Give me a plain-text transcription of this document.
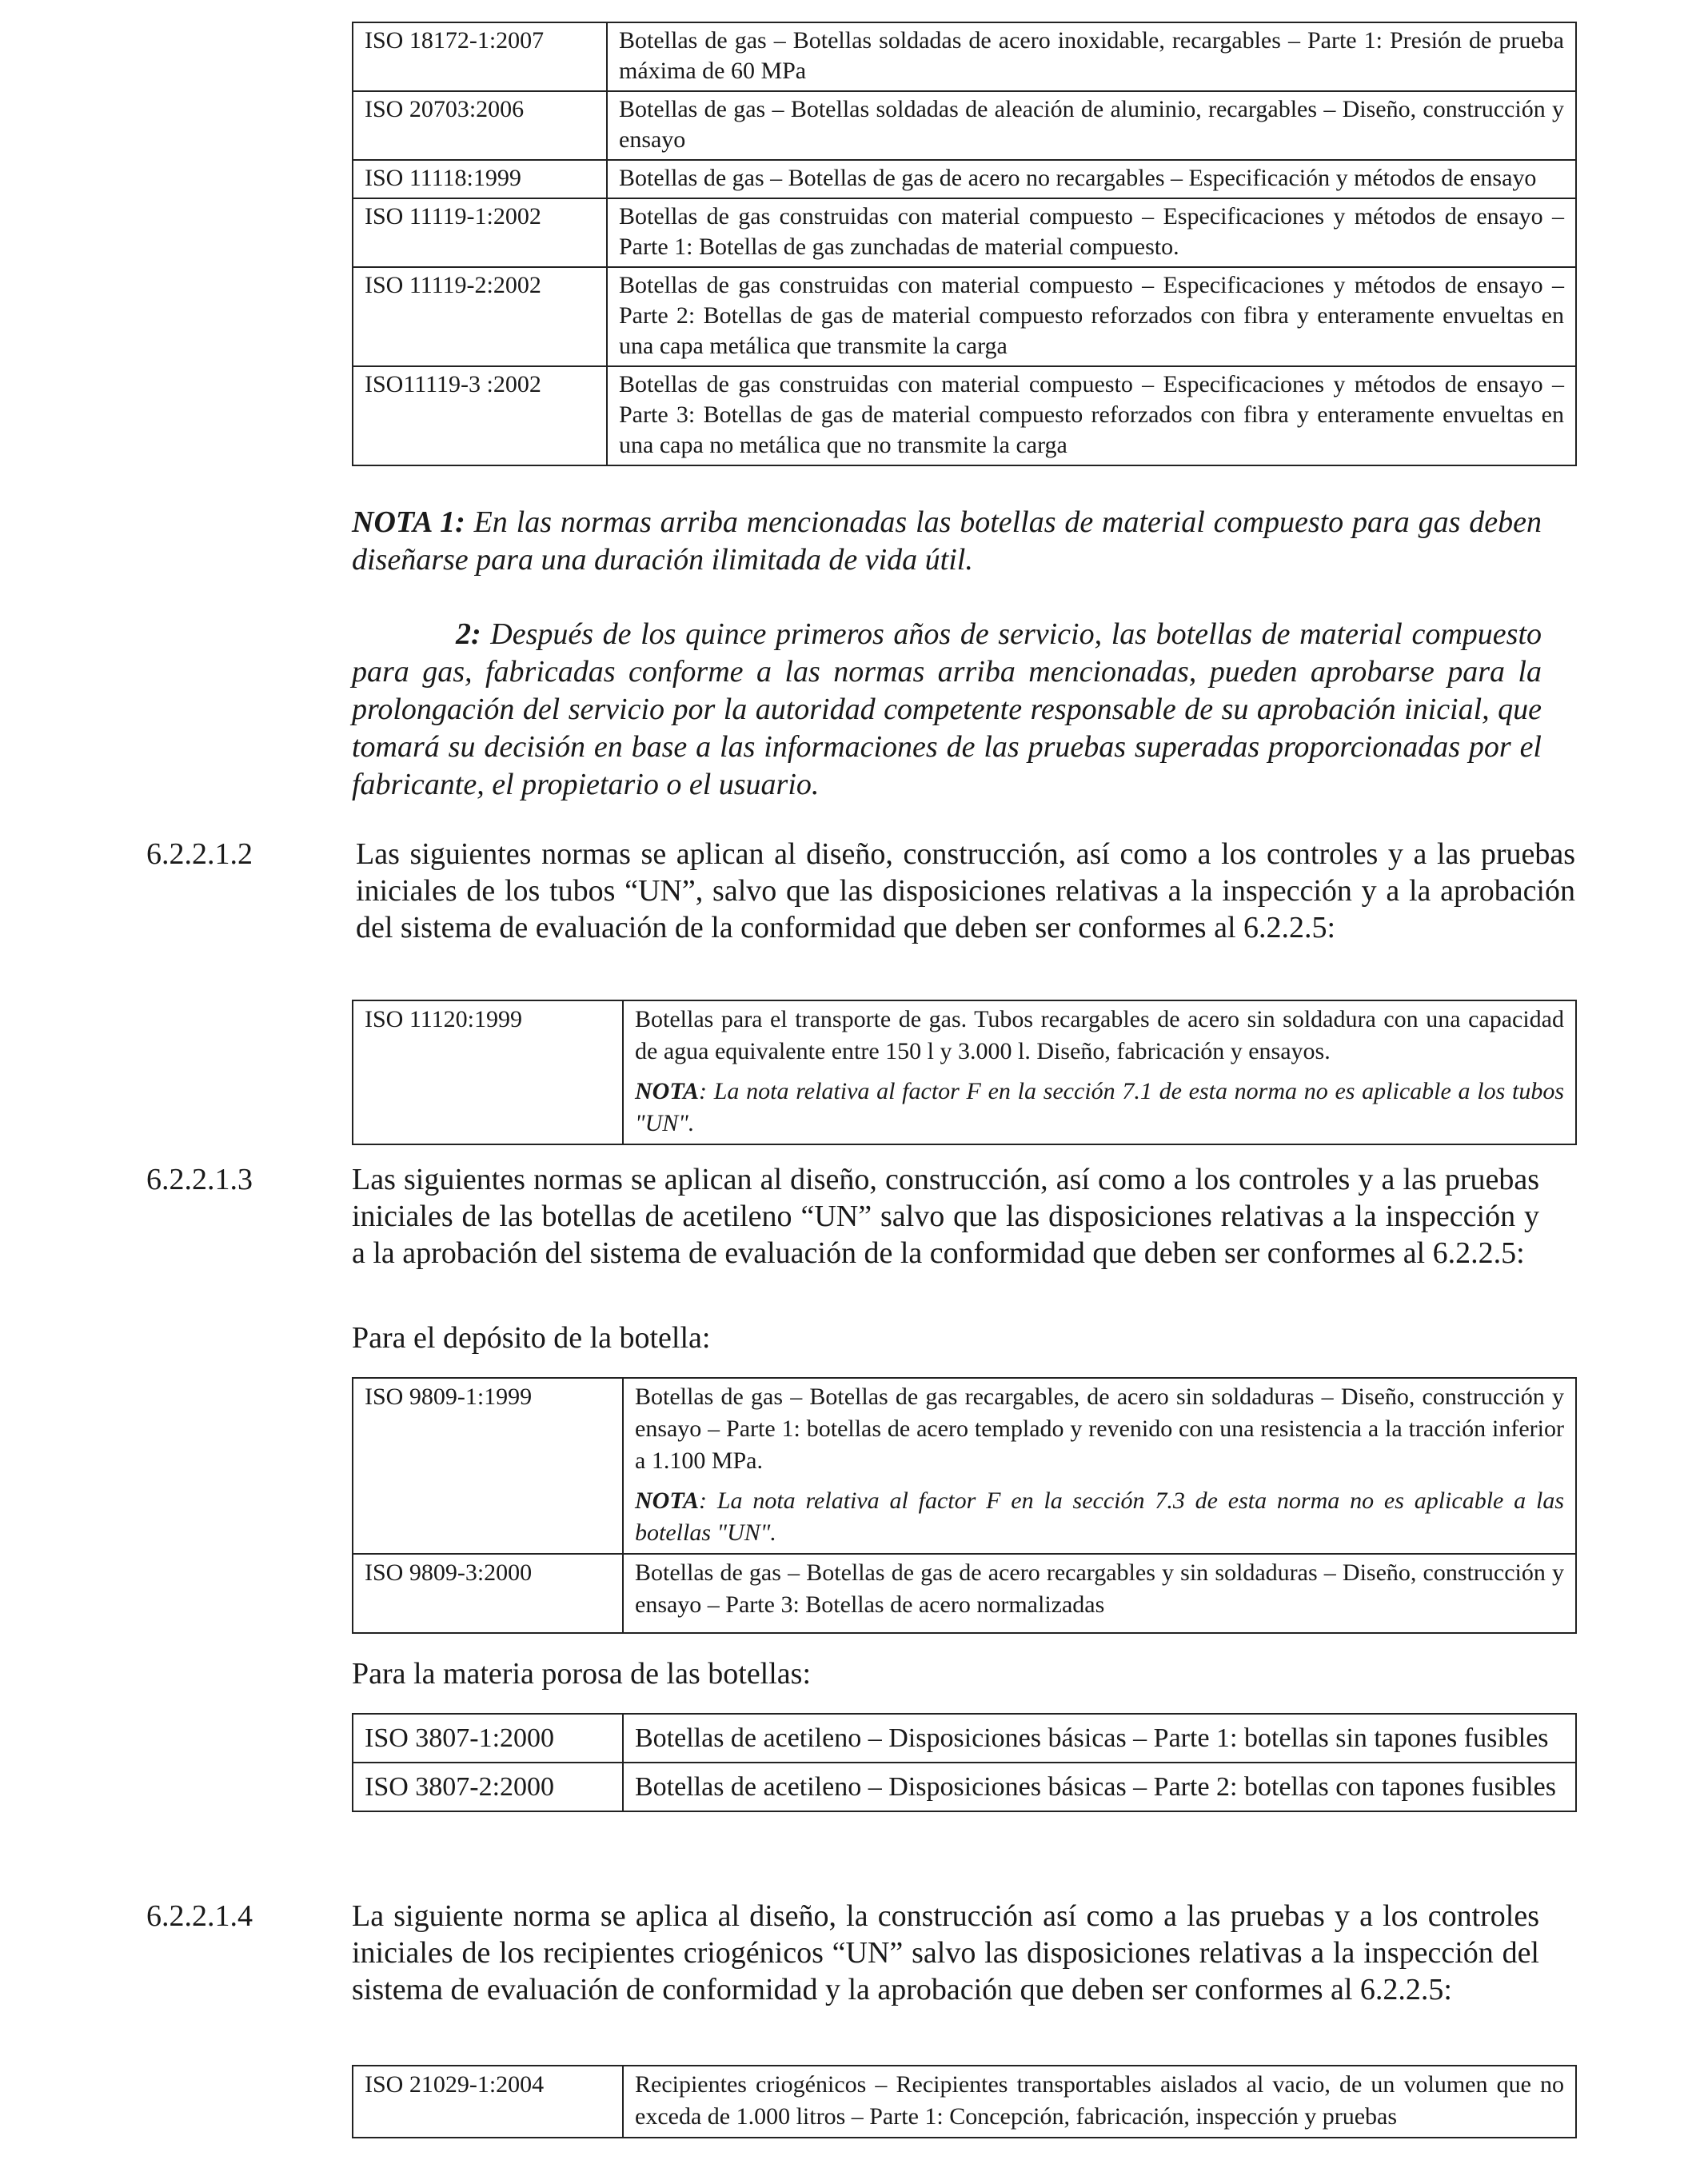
ISO 18172-1:2007	Botellas de gas – Botellas soldadas de acero inoxidable, recargables – Parte 1: Presión de prueba máxima de 60 MPa
ISO 20703:2006	Botellas de gas – Botellas soldadas de aleación de aluminio, recargables – Diseño, construcción y ensayo
ISO 11118:1999	Botellas de gas – Botellas de gas de acero no recargables – Especificación y métodos de ensayo
ISO 11119-1:2002	Botellas de gas construidas con material compuesto – Especificaciones y métodos de ensayo – Parte 1: Botellas de gas zunchadas de material compuesto.
ISO 11119-2:2002	Botellas de gas construidas con material compuesto – Especificaciones y métodos de ensayo – Parte 2: Botellas de gas de material compuesto reforzados con fibra y enteramente envueltas en una capa metálica que transmite la carga
ISO11119-3 :2002	Botellas de gas construidas con material compuesto – Especificaciones y métodos de ensayo – Parte 3: Botellas de gas de material compuesto reforzados con fibra y enteramente envueltas en una capa no metálica que no transmite la carga
NOTA 1: En las normas arriba mencionadas las botellas de material compuesto para gas deben diseñarse para una duración ilimitada de vida útil.
2: Después de los quince primeros años de servicio, las botellas de material compuesto para gas, fabricadas conforme a las normas arriba mencionadas, pueden aprobarse para la prolongación del servicio por la autoridad competente responsable de su aprobación inicial, que tomará su decisión en base a las informaciones de las pruebas superadas proporcionadas por el fabricante, el propietario o el usuario.
6.2.2.1.2	Las siguientes normas se aplican al diseño, construcción, así como a los controles y a las pruebas iniciales de los tubos “UN”, salvo que las disposiciones relativas a la inspección y a la aprobación del sistema de evaluación de la conformidad que deben ser conformes al 6.2.2.5:
ISO 11120:1999	Botellas para el transporte de gas. Tubos recargables de acero sin soldadura con una capacidad de agua equivalente entre 150 l y 3.000 l. Diseño, fabricación y ensayos.
NOTA: La nota relativa al factor F en la sección 7.1 de esta norma no es aplicable a los tubos "UN".
6.2.2.1.3	Las siguientes normas se aplican al diseño, construcción, así como a los controles y a las pruebas iniciales de las botellas de acetileno “UN” salvo que las disposiciones relativas a la inspección y a la aprobación del sistema de evaluación de la conformidad que deben ser conformes al 6.2.2.5:
Para el depósito de la botella:
ISO 9809-1:1999	Botellas de gas – Botellas de gas recargables, de acero sin soldaduras – Diseño, construcción y ensayo – Parte 1: botellas de acero templado y revenido con una resistencia a la tracción inferior a 1.100 MPa.
NOTA: La nota relativa al factor F en la sección 7.3 de esta norma no es aplicable a las botellas "UN".

ISO 9809-3:2000	Botellas de gas – Botellas de gas de acero recargables y sin soldaduras – Diseño, construcción y ensayo – Parte 3: Botellas de acero normalizadas
Para la materia porosa de las botellas:
ISO 3807-1:2000	Botellas de acetileno – Disposiciones básicas – Parte 1: botellas sin tapones fusibles
ISO 3807-2:2000	Botellas de acetileno – Disposiciones básicas – Parte 2: botellas con tapones fusibles
6.2.2.1.4	La siguiente norma se aplica al diseño, la construcción así como a las pruebas y a los controles iniciales de los recipientes criogénicos “UN” salvo las disposiciones relativas a la inspección del sistema de evaluación de conformidad y la aprobación que deben ser conformes al 6.2.2.5:
ISO 21029-1:2004	Recipientes criogénicos – Recipientes transportables aislados al vacio, de un volumen que no exceda de 1.000 litros – Parte 1: Concepción, fabricación, inspección y pruebas
